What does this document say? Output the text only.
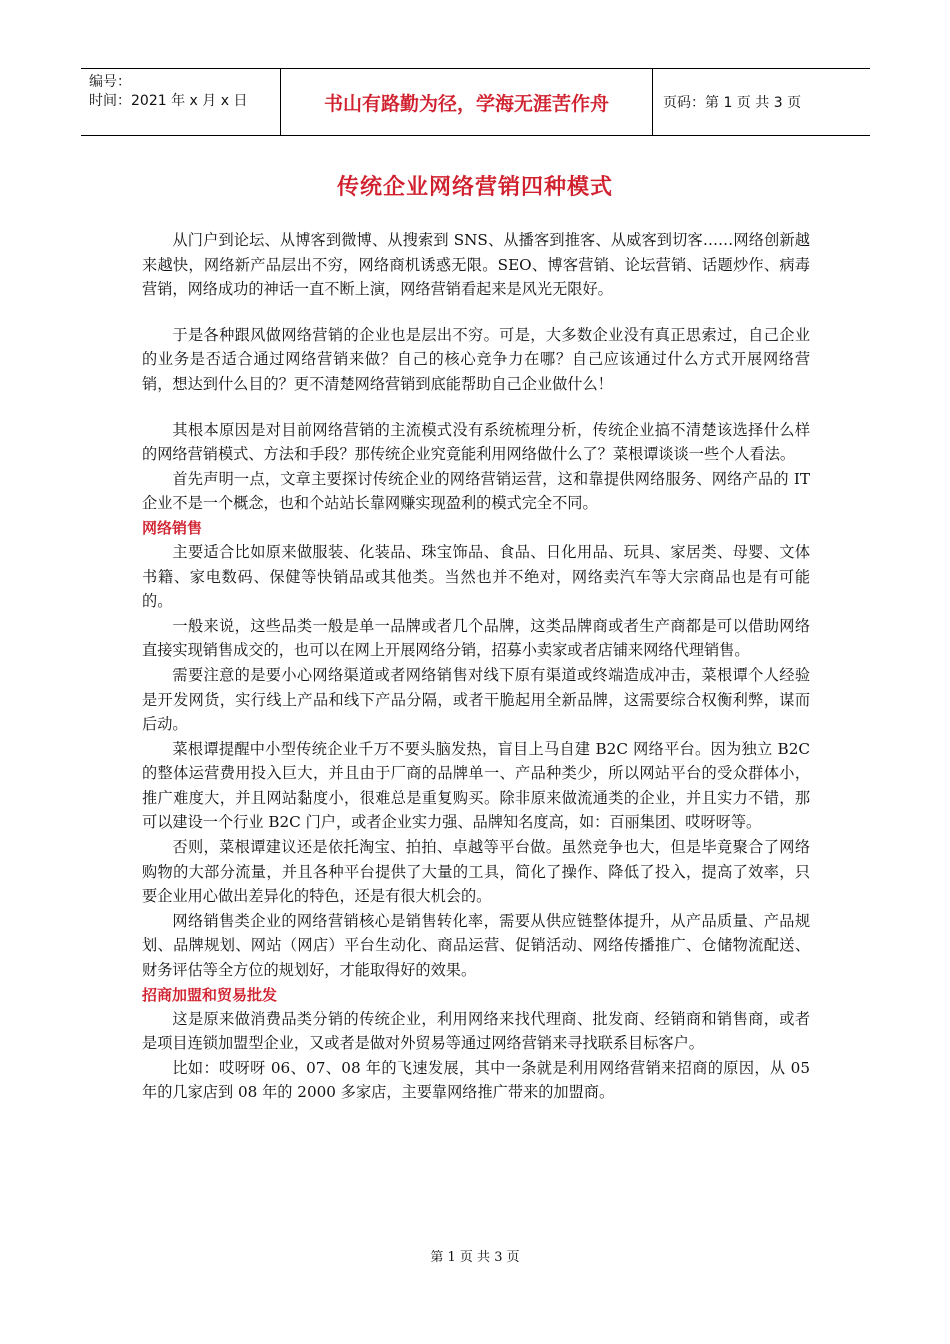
编号：
时间：2021 年 x 月 x 日	书山有路勤为径，学海无涯苦作舟	页码：第 1 页 共 3 页
传统企业网络营销四种模式

从门户到论坛、从博客到微博、从搜索到 SNS、从播客到推客、从威客到切客……网络创新越来越快，网络新产品层出不穷，网络商机诱惑无限。SEO、博客营销、论坛营销、话题炒作、病毒营销，网络成功的神话一直不断上演，网络营销看起来是风光无限好。

于是各种跟风做网络营销的企业也是层出不穷。可是，大多数企业没有真正思索过，自己企业的业务是否适合通过网络营销来做？自己的核心竞争力在哪？自己应该通过什么方式开展网络营销，想达到什么目的？更不清楚网络营销到底能帮助自己企业做什么！

其根本原因是对目前网络营销的主流模式没有系统梳理分析，传统企业搞不清楚该选择什么样的网络营销模式、方法和手段？那传统企业究竟能利用网络做什么了？菜根谭谈谈一些个人看法。

首先声明一点，文章主要探讨传统企业的网络营销运营，这和靠提供网络服务、网络产品的 IT 企业不是一个概念，也和个站站长靠网赚实现盈利的模式完全不同。

网络销售

主要适合比如原来做服装、化装品、珠宝饰品、食品、日化用品、玩具、家居类、母婴、文体书籍、家电数码、保健等快销品或其他类。当然也并不绝对，网络卖汽车等大宗商品也是有可能的。

一般来说，这些品类一般是单一品牌或者几个品牌，这类品牌商或者生产商都是可以借助网络直接实现销售成交的，也可以在网上开展网络分销，招募小卖家或者店铺来网络代理销售。

需要注意的是要小心网络渠道或者网络销售对线下原有渠道或终端造成冲击，菜根谭个人经验是开发网货，实行线上产品和线下产品分隔，或者干脆起用全新品牌，这需要综合权衡利弊，谋而后动。

菜根谭提醒中小型传统企业千万不要头脑发热，盲目上马自建 B2C 网络平台。因为独立 B2C 的整体运营费用投入巨大，并且由于厂商的品牌单一、产品种类少，所以网站平台的受众群体小，推广难度大，并且网站黏度小，很难总是重复购买。除非原来做流通类的企业，并且实力不错，那可以建设一个行业 B2C 门户，或者企业实力强、品牌知名度高，如：百丽集团、哎呀呀等。

否则，菜根谭建议还是依托淘宝、拍拍、卓越等平台做。虽然竞争也大，但是毕竟聚合了网络购物的大部分流量，并且各种平台提供了大量的工具，简化了操作、降低了投入，提高了效率，只要企业用心做出差异化的特色，还是有很大机会的。

网络销售类企业的网络营销核心是销售转化率，需要从供应链整体提升，从产品质量、产品规划、品牌规划、网站（网店）平台生动化、商品运营、促销活动、网络传播推广、仓储物流配送、财务评估等全方位的规划好，才能取得好的效果。

招商加盟和贸易批发

这是原来做消费品类分销的传统企业，利用网络来找代理商、批发商、经销商和销售商，或者是项目连锁加盟型企业，又或者是做对外贸易等通过网络营销来寻找联系目标客户。

比如：哎呀呀 06、07、08 年的飞速发展，其中一条就是利用网络营销来招商的原因，从 05 年的几家店到 08 年的 2000 多家店，主要靠网络推广带来的加盟商。

第 1 页 共 3 页
